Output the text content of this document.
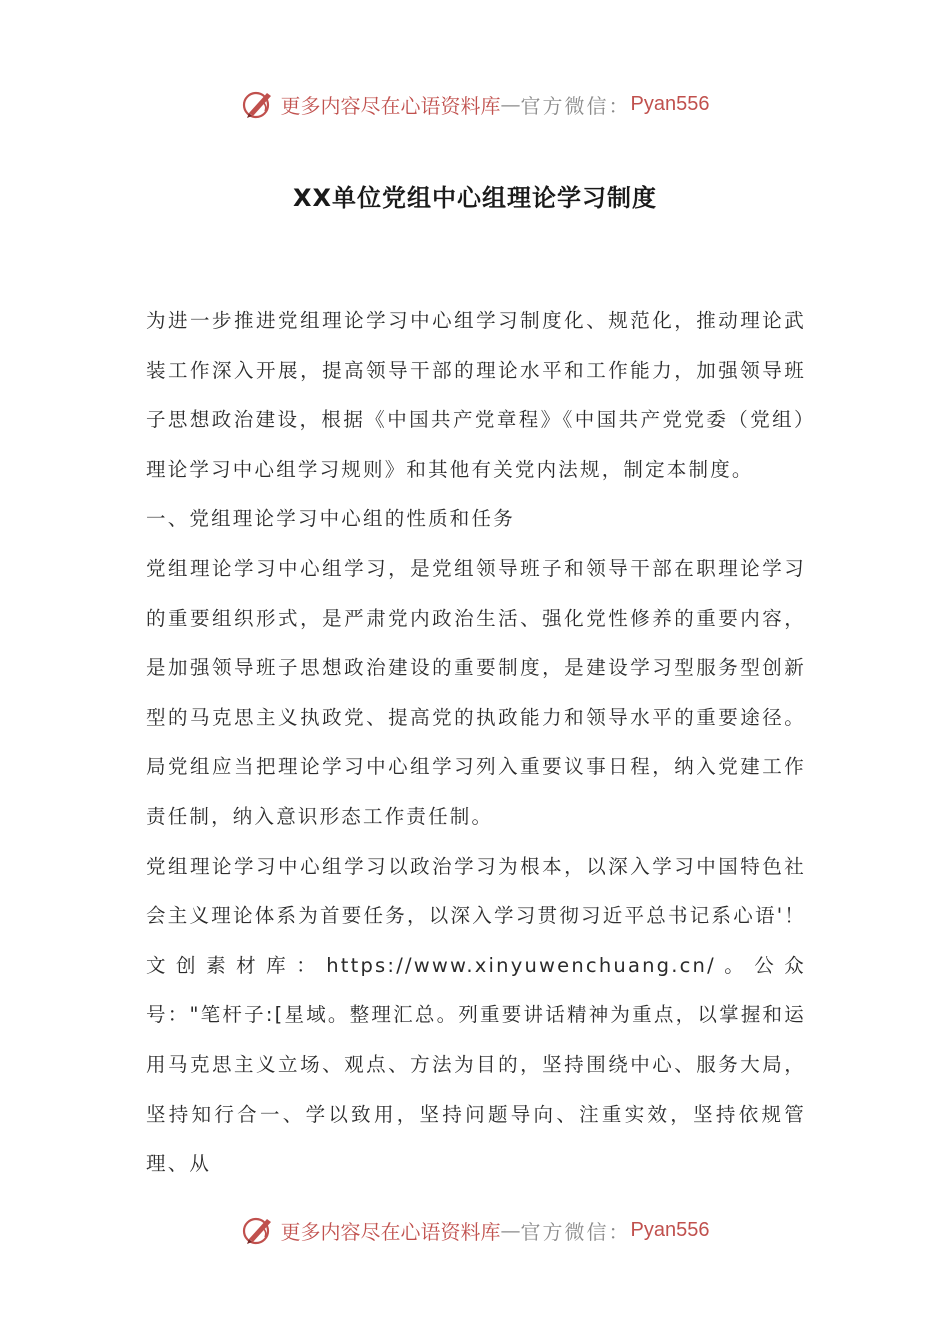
更多内容尽在心语资料库 — 官方微信： Pyan556
XX单位党组中心组理论学习制度

为进一步推进党组理论学习中心组学习制度化、规范化，推动理论武装工作深入开展，提高领导干部的理论水平和工作能力，加强领导班子思想政治建设，根据《中国共产党章程》《中国共产党党委（党组）理论学习中心组学习规则》和其他有关党内法规，制定本制度。

一、党组理论学习中心组的性质和任务

党组理论学习中心组学习，是党组领导班子和领导干部在职理论学习的重要组织形式，是严肃党内政治生活、强化党性修养的重要内容，是加强领导班子思想政治建设的重要制度，是建设学习型服务型创新型的马克思主义执政党、提高党的执政能力和领导水平的重要途径。局党组应当把理论学习中心组学习列入重要议事日程，纳入党建工作责任制，纳入意识形态工作责任制。

党组理论学习中心组学习以政治学习为根本，以深入学习中国特色社会主义理论体系为首要任务，以深入学习贯彻习近平总书记系心语'！文创素材库：https://www.xinyuwenchuang.cn/。公众号："笔杆子:[星域。整理汇总。列重要讲话精神为重点，以掌握和运用马克思主义立场、观点、方法为目的，坚持围绕中心、服务大局，坚持知行合一、学以致用，坚持问题导向、注重实效，坚持依规管理、从

更多内容尽在心语资料库 — 官方微信： Pyan556
